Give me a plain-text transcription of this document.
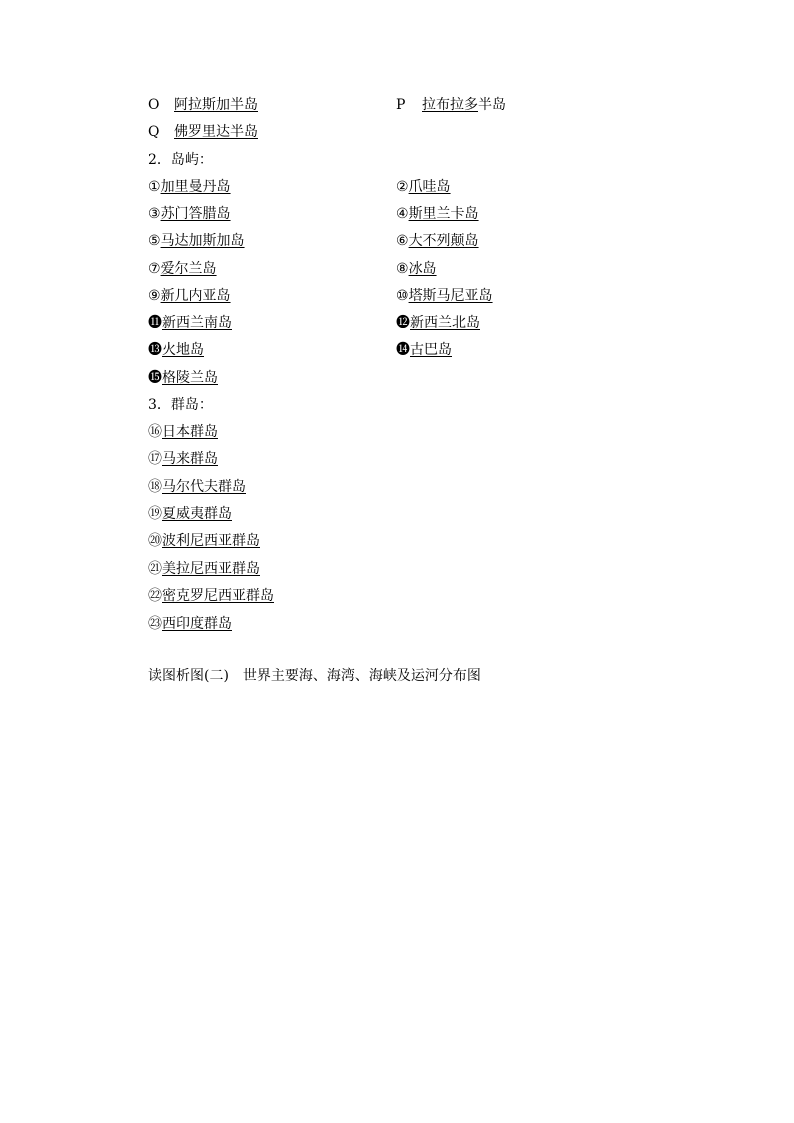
O 阿拉斯加半岛	P 拉布拉多半岛
Q 佛罗里达半岛
2．岛屿：
①加里曼丹岛	②爪哇岛
③苏门答腊岛	④斯里兰卡岛
⑤马达加斯加岛	⑥大不列颠岛
⑦爱尔兰岛	⑧冰岛
⑨新几内亚岛	⑩塔斯马尼亚岛
⓫新西兰南岛	⓬新西兰北岛
⓭火地岛	⓮古巴岛
⓯格陵兰岛
3．群岛：
⑯日本群岛
⑰马来群岛
⑱马尔代夫群岛
⑲夏威夷群岛
⑳波利尼西亚群岛
㉑美拉尼西亚群岛
㉒密克罗尼西亚群岛
㉓西印度群岛
读图析图(二)　世界主要海、海湾、海峡及运河分布图
